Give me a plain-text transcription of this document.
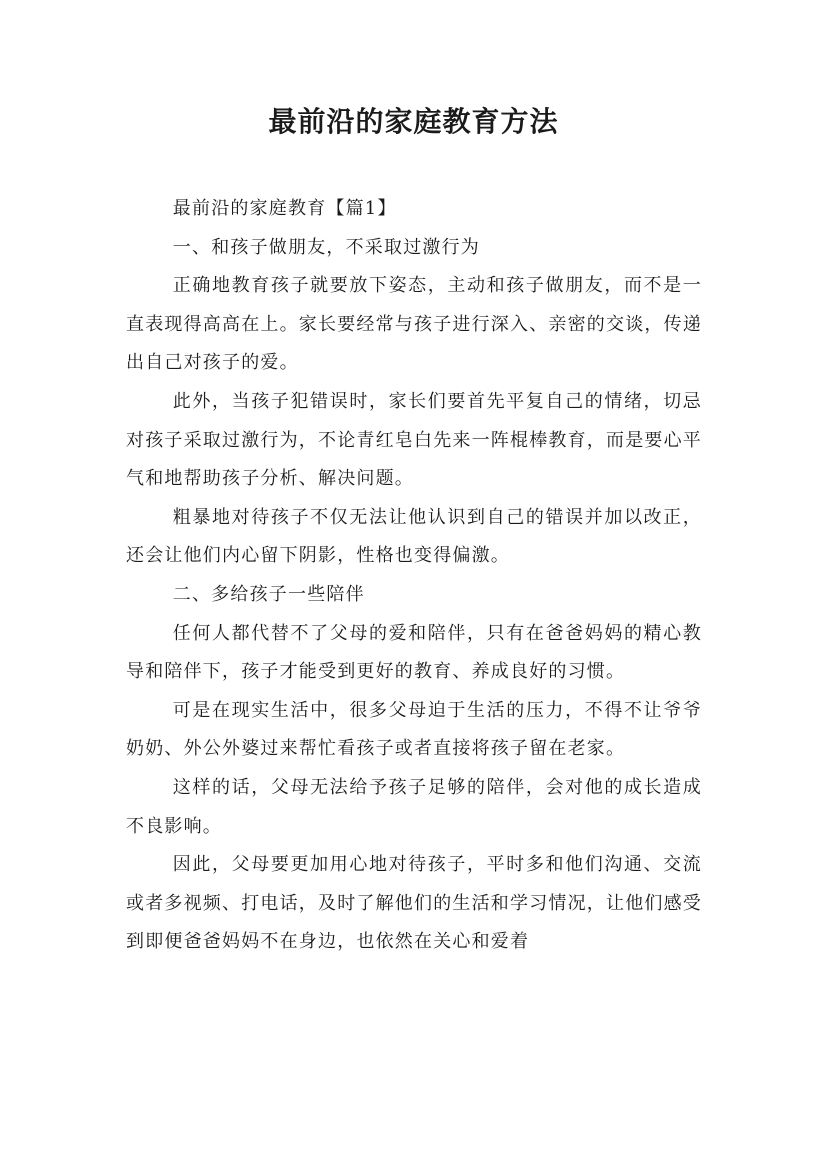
最前沿的家庭教育方法

最前沿的家庭教育【篇1】

一、和孩子做朋友，不采取过激行为

正确地教育孩子就要放下姿态，主动和孩子做朋友，而不是一直表现得高高在上。家长要经常与孩子进行深入、亲密的交谈，传递出自己对孩子的爱。

此外，当孩子犯错误时，家长们要首先平复自己的情绪，切忌对孩子采取过激行为，不论青红皂白先来一阵棍棒教育，而是要心平气和地帮助孩子分析、解决问题。

粗暴地对待孩子不仅无法让他认识到自己的错误并加以改正，还会让他们内心留下阴影，性格也变得偏激。

二、多给孩子一些陪伴

任何人都代替不了父母的爱和陪伴，只有在爸爸妈妈的精心教导和陪伴下，孩子才能受到更好的教育、养成良好的习惯。

可是在现实生活中，很多父母迫于生活的压力，不得不让爷爷奶奶、外公外婆过来帮忙看孩子或者直接将孩子留在老家。

这样的话，父母无法给予孩子足够的陪伴，会对他的成长造成不良影响。

因此，父母要更加用心地对待孩子，平时多和他们沟通、交流或者多视频、打电话，及时了解他们的生活和学习情况，让他们感受到即便爸爸妈妈不在身边，也依然在关心和爱着
